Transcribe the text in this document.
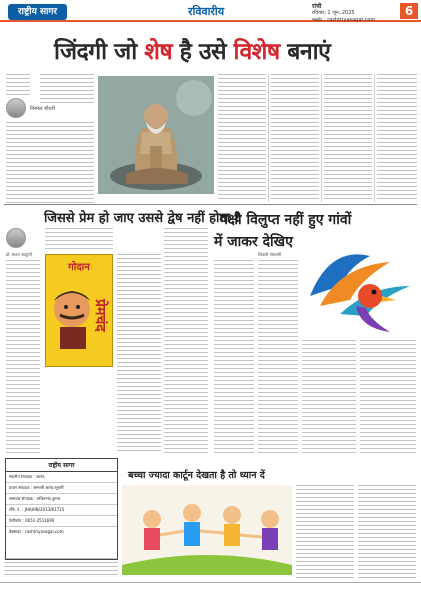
राष्ट्रीय सागर	रविवारीय	रांची
रविवार, 1 जून, 2025
web : rashtriyasagar.com
6
जिंदगी जो शेष है उसे विशेष बनाएं
निरमल चौधरी
जिससे प्रेम हो जाए उससे द्वेष नहीं होता !
डॉ. संजय जादूगरी
गोदान
प्रेमचंद
पक्षी विलुप्त नहीं हुए गांवों
में जाकर देखिए
शिवानी गोस्वामी
राष्ट्रीय सागर
स्थानीय संपादक : आनंद
प्रधान संपादक : सम्मानी आनंद सुधर्मी
समाचार संपादक : ललितानंद कुमार
रजि. नं. : JHAHIN/2013/61715
टेलीफोन : 0651-2511690
वेबसाइट : rashtriyasagar.com
बच्चा ज्यादा कार्टून देखता है तो ध्यान दें
